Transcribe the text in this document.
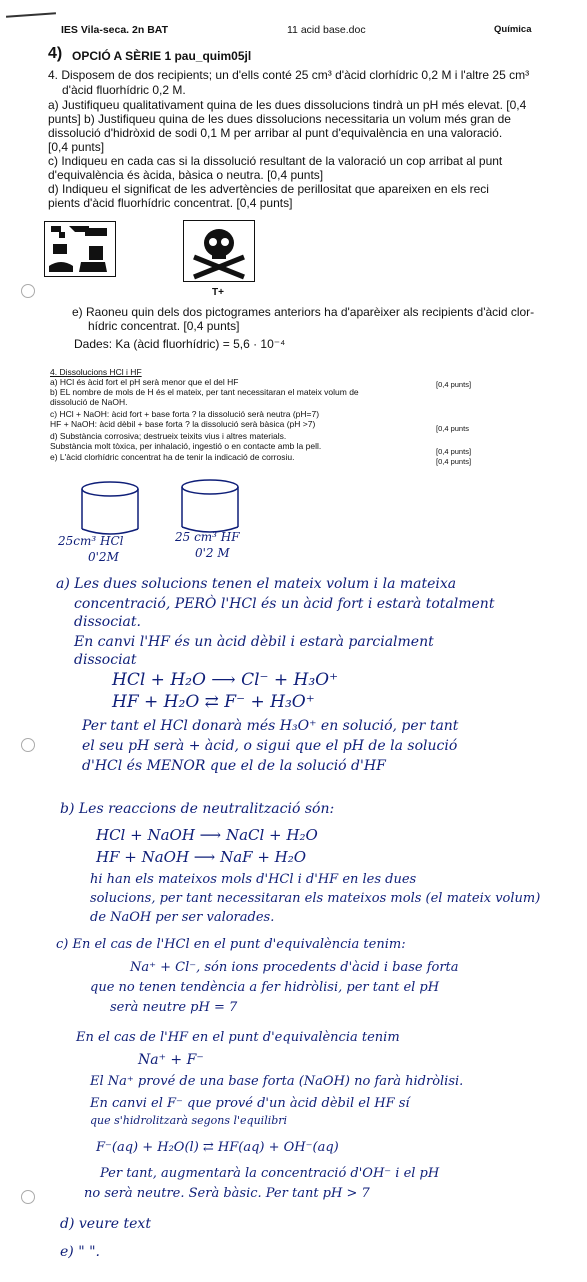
IES Vila-seca. 2n BAT	11 acid base.doc	Química
4) OPCIÓ A SÈRIE 1 pau_quim05jl
4. Disposem de dos recipients; un d'ells conté 25 cm³ d'àcid clorhídric 0,2 M i l'altre 25 cm³
d'àcid fluorhídric 0,2 M.
a) Justifiqueu qualitativament quina de les dues dissolucions tindrà un pH més elevat. [0,4
punts] b) Justifiqueu quina de les dues dissolucions necessitaria un volum més gran de
dissolució d'hidròxid de sodi 0,1 M per arribar al punt d'equivalència en una valoració.
[0,4 punts]
c) Indiqueu en cada cas si la dissolució resultant de la valoració un cop arribat al punt
d'equivalència és àcida, bàsica o neutra. [0,4 punts]
d) Indiqueu el significat de les advertències de perillositat que apareixen en els reci
pients d'àcid fluorhídric concentrat. [0,4 punts]
T+
e) Raoneu quin dels dos pictogrames anteriors ha d'aparèixer als recipients d'àcid clor-
hídric concentrat. [0,4 punts]
Dades: Ka (àcid fluorhídric) = 5,6 · 10⁻⁴
4. Dissolucions HCl i HF
a) HCl és àcid fort el pH serà menor que el del HF	[0,4 punts]
b) EL nombre de mols de H és el mateix, per tant necessitaran el mateix volum de
dissolució de NaOH.
c) HCl + NaOH: àcid fort + base forta ? la dissolució serà neutra (pH=7)
HF + NaOH: àcid dèbil + base forta ? la dissolució serà bàsica (pH >7)	[0,4 punts
d) Substància corrosiva; destrueix teixits vius i altres materials.
Substància molt tòxica, per inhalació, ingestió o en contacte amb la pell.
[0,4 punts]
e) L'àcid clorhídric concentrat ha de tenir la indicació de corrosiu.	[0,4 punts]
25cm³ HCl
0'2M
25 cm³ HF
0'2 M
a) Les dues solucions tenen el mateix volum i la mateixa
concentració, PERÒ l'HCl és un àcid fort i estarà totalment
dissociat.
En canvi l'HF és un àcid dèbil i estarà parcialment
dissociat
HCl + H₂O ⟶ Cl⁻ + H₃O⁺
HF + H₂O ⇄ F⁻ + H₃O⁺
Per tant el HCl donarà més H₃O⁺ en solució, per tant
el seu pH serà + àcid, o sigui que el pH de la solució
d'HCl és MENOR que el de la solució d'HF
b) Les reaccions de neutralització són:
HCl + NaOH ⟶ NaCl + H₂O
HF + NaOH ⟶ NaF + H₂O
hi han els mateixos mols d'HCl i d'HF en les dues
solucions, per tant necessitaran els mateixos mols (el mateix volum)
de NaOH per ser valorades.
c) En el cas de l'HCl en el punt d'equivalència tenim:
Na⁺ + Cl⁻, són ions procedents d'àcid i base forta
que no tenen tendència a fer hidròlisi, per tant el pH
serà neutre pH = 7
En el cas de l'HF en el punt d'equivalència tenim
Na⁺ + F⁻
El Na⁺ prové de una base forta (NaOH) no farà hidròlisi.
En canvi el F⁻ que prové d'un àcid dèbil el HF sí
que s'hidrolitzarà segons l'equilibri
F⁻(aq) + H₂O(l) ⇄ HF(aq) + OH⁻(aq)
Per tant, augmentarà la concentració d'OH⁻ i el pH
no serà neutre. Serà bàsic. Per tant pH > 7
d) veure text
e) " ".
